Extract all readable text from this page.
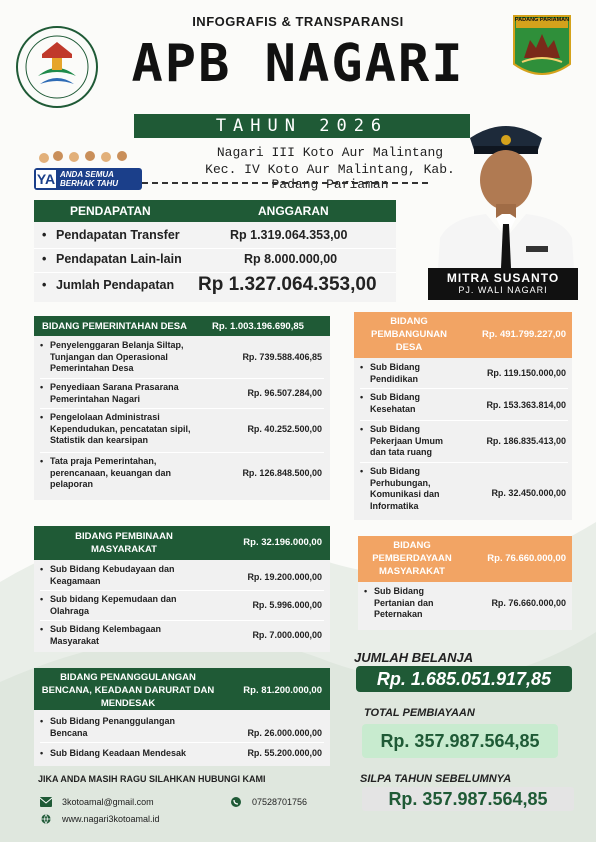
PADANG PARIAMAN
INFOGRAFIS & TRANSPARANSI
APB NAGARI
TAHUN 2026
Nagari III Koto Aur Malintang
Kec. IV Koto Aur Malintang, Kab. Padang Pariaman
YA ANDA SEMUA
BERHAK TAHU
MITRA SUSANTO
PJ. WALI NAGARI
PENDAPATAN	ANGGARAN
• Pendapatan Transfer	Rp 1.319.064.353,00
• Pendapatan Lain-lain	Rp 8.000.000,00
• Jumlah Pendapatan Rp 1.327.064.353,00
BIDANG PEMERINTAHAN DESA	Rp. 1.003.196.690,85
• Penyelenggaran Belanja Siltap,
Tunjangan dan Operasional
Pemerintahan Desa
Rp. 739.588.406,85
• Penyediaan Sarana Prasarana
Pemerintahan Nagari
Rp. 96.507.284,00
• Pengelolaan Administrasi
Kependudukan, pencatatan sipil,
Statistik dan kearsipan
Rp. 40.252.500,00
• Tata praja Pemerintahan,
perencanaan, keuangan dan
pelaporan
Rp. 126.848.500,00
BIDANG
PEMBANGUNAN
DESA
Rp. 491.799.227,00
• Sub Bidang
Pendidikan
Rp. 119.150.000,00
• Sub Bidang
Kesehatan	Rp. 153.363.814,00
• Sub Bidang
Pekerjaan Umum
dan tata ruang
Rp. 186.835.413,00
• Sub Bidang
Perhubungan,
Komunikasi dan
Informatika
Rp. 32.450.000,00
BIDANG PEMBINAAN
MASYARAKAT
Rp. 32.196.000,00
• Sub Bidang Kebudayaan dan
Keagamaan	Rp. 19.200.000,00
• Sub bidang Kepemudaan dan
Olahraga
Rp. 5.996.000,00
• Sub Bidang Kelembagaan
Masyarakat
Rp. 7.000.000,00
BIDANG
PEMBERDAYAAN
MASYARAKAT
Rp. 76.660.000,00
• Sub Bidang
Pertanian dan
Peternakan
Rp. 76.660.000,00
BIDANG PENANGGULANGAN
BENCANA, KEADAAN DARURAT DAN
MENDESAK
Rp. 81.200.000,00
• Sub Bidang Penanggulangan
Bencana	Rp. 26.000.000,00
• Sub Bidang Keadaan Mendesak	Rp. 55.200.000,00
JUMLAH BELANJA
Rp. 1.685.051.917,85
TOTAL PEMBIAYAAN
Rp. 357.987.564,85
SILPA TAHUN SEBELUMNYA
Rp. 357.987.564,85
JIKA ANDA MASIH RAGU SILAHKAN HUBUNGI KAMI
3kotoamal@gmail.com	07528701756
www.nagari3kotoamal.id
